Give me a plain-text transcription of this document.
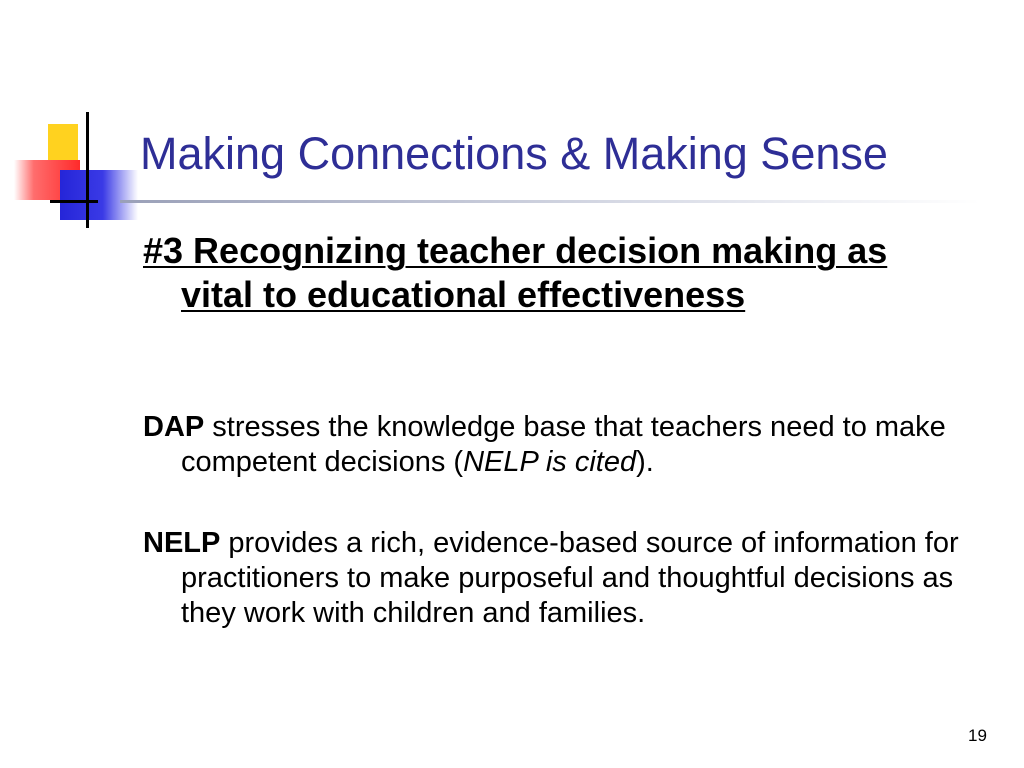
Making Connections & Making Sense
#3 Recognizing teacher decision making as vital to educational effectiveness
DAP stresses the knowledge base that teachers need to make competent decisions (NELP is cited).
NELP provides a rich, evidence-based source of information for practitioners to make purposeful and thoughtful decisions as they work with children and families.
19
